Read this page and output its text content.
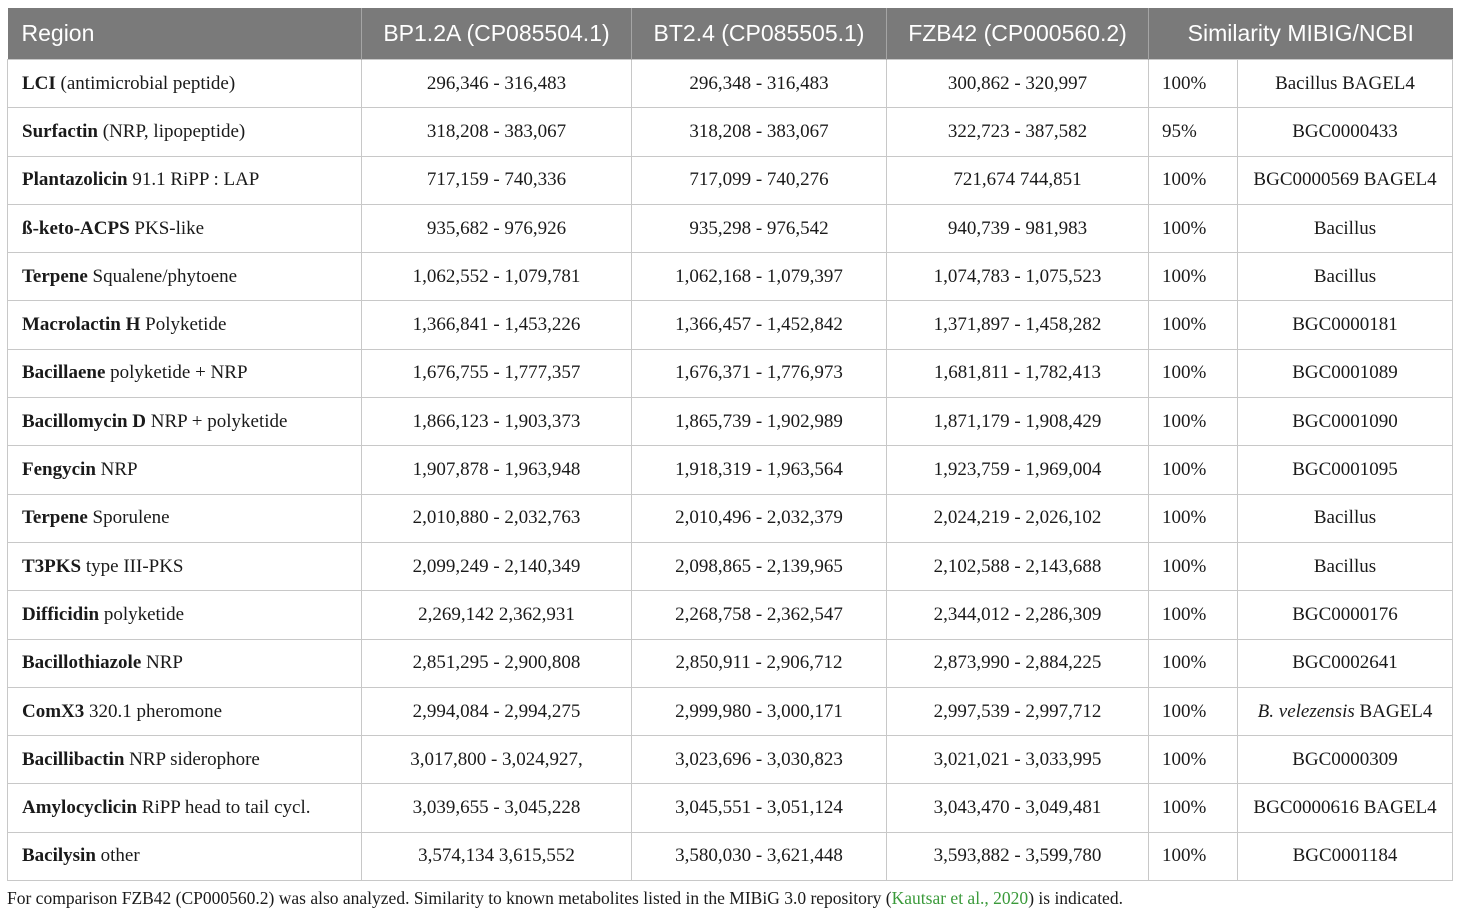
Region	BP1.2A (CP085504.1)	BT2.4 (CP085505.1)	FZB42 (CP000560.2)	Similarity MIBIG/NCBI	
LCI (antimicrobial peptide)	296,346 - 316,483	296,348 - 316,483	300,862 - 320,997	100%	Bacillus BAGEL4
Surfactin (NRP, lipopeptide)	318,208 - 383,067	318,208 - 383,067	322,723 - 387,582	95%	BGC0000433
Plantazolicin 91.1 RiPP : LAP	717,159 - 740,336	717,099 - 740,276	721,674 744,851	100%	BGC0000569 BAGEL4
ß-keto-ACPS PKS-like	935,682 - 976,926	935,298 - 976,542	940,739 - 981,983	100%	Bacillus
Terpene Squalene/phytoene	1,062,552 - 1,079,781	1,062,168 - 1,079,397	1,074,783 - 1,075,523	100%	Bacillus
Macrolactin H Polyketide	1,366,841 - 1,453,226	1,366,457 - 1,452,842	1,371,897 - 1,458,282	100%	BGC0000181
Bacillaene polyketide + NRP	1,676,755 - 1,777,357	1,676,371 - 1,776,973	1,681,811 - 1,782,413	100%	BGC0001089
Bacillomycin D NRP + polyketide	1,866,123 - 1,903,373	1,865,739 - 1,902,989	1,871,179 - 1,908,429	100%	BGC0001090
Fengycin NRP	1,907,878 - 1,963,948	1,918,319 - 1,963,564	1,923,759 - 1,969,004	100%	BGC0001095
Terpene Sporulene	2,010,880 - 2,032,763	2,010,496 - 2,032,379	2,024,219 - 2,026,102	100%	Bacillus
T3PKS type III-PKS	2,099,249 - 2,140,349	2,098,865 - 2,139,965	2,102,588 - 2,143,688	100%	Bacillus
Difficidin polyketide	2,269,142 2,362,931	2,268,758 - 2,362,547	2,344,012 - 2,286,309	100%	BGC0000176
Bacillothiazole NRP	2,851,295 - 2,900,808	2,850,911 - 2,906,712	2,873,990 - 2,884,225	100%	BGC0002641
ComX3 320.1 pheromone	2,994,084 - 2,994,275	2,999,980 - 3,000,171	2,997,539 - 2,997,712	100%	B. velezensis BAGEL4
Bacillibactin NRP siderophore	3,017,800 - 3,024,927,	3,023,696 - 3,030,823	3,021,021 - 3,033,995	100%	BGC0000309
Amylocyclicin RiPP head to tail cycl.	3,039,655 - 3,045,228	3,045,551 - 3,051,124	3,043,470 - 3,049,481	100%	BGC0000616 BAGEL4
Bacilysin other	3,574,134 3,615,552	3,580,030 - 3,621,448	3,593,882 - 3,599,780	100%	BGC0001184
For comparison FZB42 (CP000560.2) was also analyzed. Similarity to known metabolites listed in the MIBiG 3.0 repository (Kautsar et al., 2020) is indicated.
